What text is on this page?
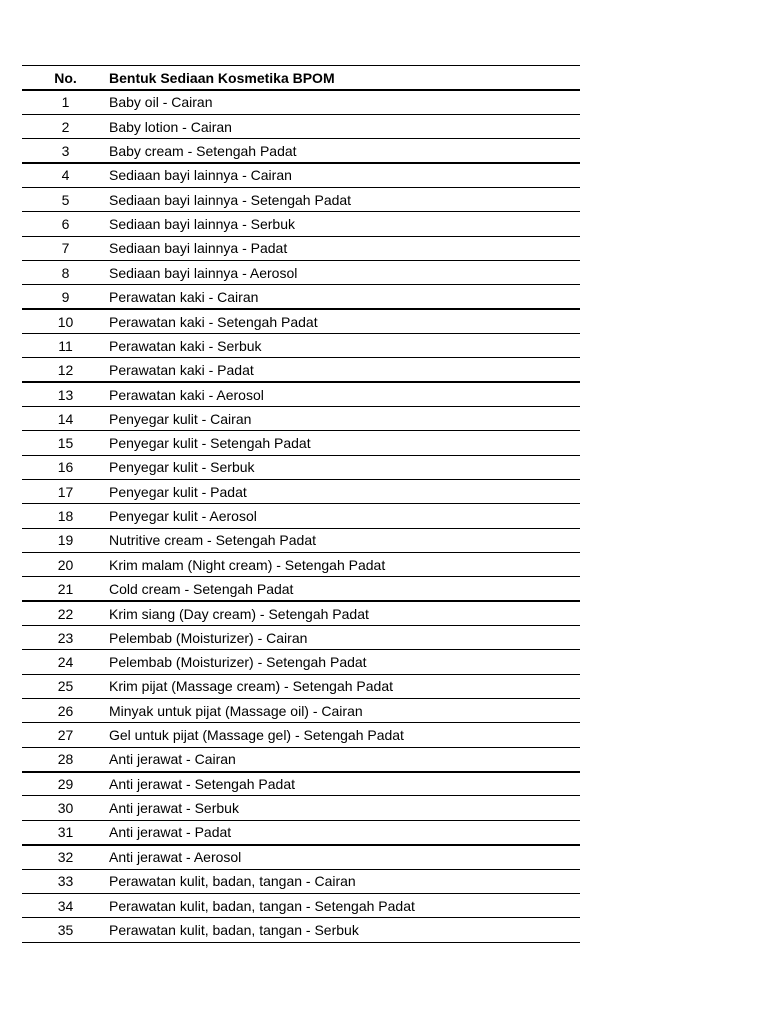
No.	Bentuk Sediaan Kosmetika BPOM
1	Baby oil - Cairan
2	Baby lotion - Cairan
3	Baby cream - Setengah Padat
4	Sediaan bayi lainnya - Cairan
5	Sediaan bayi lainnya - Setengah Padat
6	Sediaan bayi lainnya - Serbuk
7	Sediaan bayi lainnya - Padat
8	Sediaan bayi lainnya - Aerosol
9	Perawatan kaki - Cairan
10	Perawatan kaki - Setengah Padat
11	Perawatan kaki - Serbuk
12	Perawatan kaki - Padat
13	Perawatan kaki - Aerosol
14	Penyegar kulit - Cairan
15	Penyegar kulit - Setengah Padat
16	Penyegar kulit - Serbuk
17	Penyegar kulit - Padat
18	Penyegar kulit - Aerosol
19	Nutritive cream - Setengah Padat
20	Krim malam (Night cream) - Setengah Padat
21	Cold cream - Setengah Padat
22	Krim siang (Day cream) - Setengah Padat
23	Pelembab (Moisturizer) - Cairan
24	Pelembab (Moisturizer) - Setengah Padat
25	Krim pijat (Massage cream) - Setengah Padat
26	Minyak untuk pijat (Massage oil) - Cairan
27	Gel untuk pijat (Massage gel) - Setengah Padat
28	Anti jerawat - Cairan
29	Anti jerawat - Setengah Padat
30	Anti jerawat - Serbuk
31	Anti jerawat - Padat
32	Anti jerawat - Aerosol
33	Perawatan kulit, badan, tangan - Cairan
34	Perawatan kulit, badan, tangan - Setengah Padat
35	Perawatan kulit, badan, tangan - Serbuk
